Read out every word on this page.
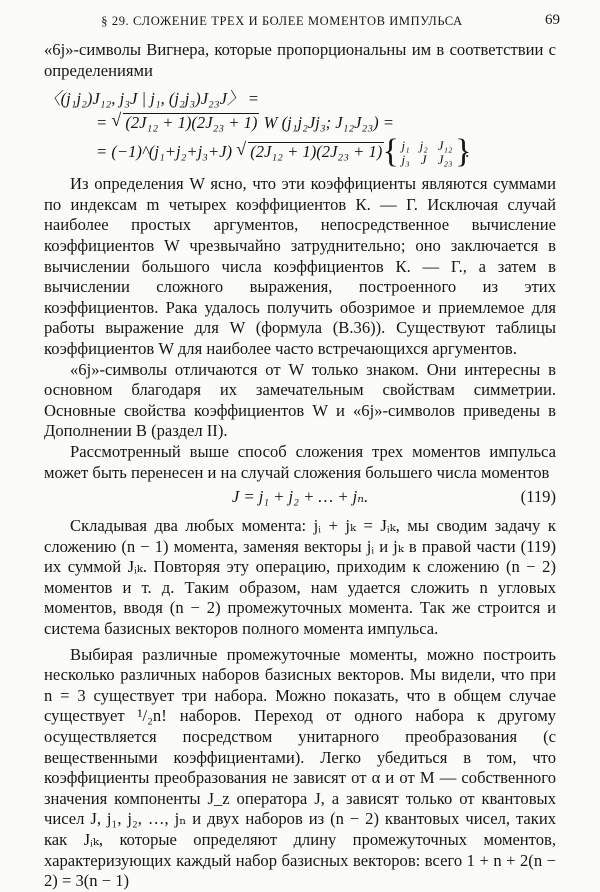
§ 29. СЛОЖЕНИЕ ТРЕХ И БОЛЕЕ МОМЕНТОВ ИМПУЛЬСА	69

«6j»-символы Вигнера, которые пропорциональны им в соответствии с определениями

〈(j₁j₂)J₁₂, j₃J | j₁, (j₂j₃)J₂₃J〉 =
= √ (2J₁₂ + 1)(2J₂₃ + 1) W (j₁j₂Jj₃; J₁₂J₂₃) =
= (−1)^(j₁+j₂+j₃+J) √ (2J₁₂ + 1)(2J₂₃ + 1) { j₁	j₂	J₁₂
j₃	J	J₂₃
} .

Из определения W ясно, что эти коэффициенты являются суммами по индексам m четырех коэффициентов К. — Г. Исключая случай наиболее простых аргументов, непосредственное вычисление коэффициентов W чрезвычайно затруднительно; оно заключается в вычислении большого числа коэффициентов К. — Г., а затем в вычислении сложного выражения, построенного из этих коэффициентов. Рака удалось получить обозримое и приемлемое для работы выражение для W (формула (В.36)). Существуют таблицы коэффициентов W для наиболее часто встречающихся аргументов.

«6j»-символы отличаются от W только знаком. Они интересны в основном благодаря их замечательным свойствам симметрии. Основные свойства коэффициентов W и «6j»-символов приведены в Дополнении В (раздел II).

Рассмотренный выше способ сложения трех моментов импульса может быть перенесен и на случай сложения большего числа моментов

J = j₁ + j₂ + … + jₙ.	(119)

Складывая два любых момента: jᵢ + jₖ = Jᵢₖ, мы сводим задачу к сложению (n − 1) момента, заменяя векторы jᵢ и jₖ в правой части (119) их суммой Jᵢₖ. Повторяя эту операцию, приходим к сложению (n − 2) моментов и т. д. Таким образом, нам удается сложить n угловых моментов, вводя (n − 2) промежуточных момента. Так же строится и система базисных векторов полного момента импульса.

Выбирая различные промежуточные моменты, можно построить несколько различных наборов базисных векторов. Мы видели, что при n = 3 существует три набора. Можно показать, что в общем случае существует ¹/₂n! наборов. Переход от одного набора к другому осуществляется посредством унитарного преобразования (с вещественными коэффициентами). Легко убедиться в том, что коэффициенты преобразования не зависят от α и от M — собственного значения компоненты J_z оператора J, а зависят только от квантовых чисел J, j₁, j₂, …, jₙ и двух наборов из (n − 2) квантовых чисел, таких как Jᵢₖ, которые определяют длину промежуточных моментов, характеризующих каждый набор базисных векторов: всего 1 + n + 2(n − 2) = 3(n − 1)
